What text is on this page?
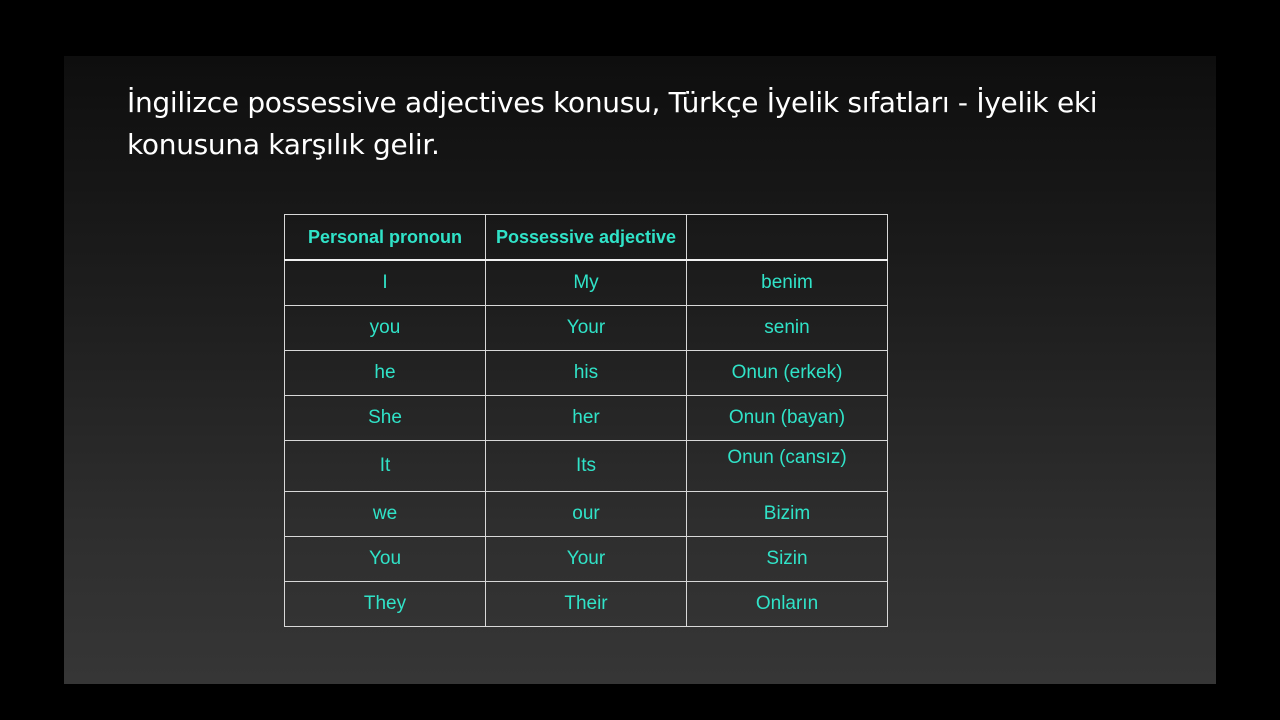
İngilizce possessive adjectives konusu, Türkçe İyelik sıfatları - İyelik eki
konusuna karşılık gelir.

Personal pronoun	Possessive adjective	
I	My	benim
you	Your	senin
he	his	Onun (erkek)
She	her	Onun (bayan)
It	Its	Onun (cansız)
we	our	Bizim
You	Your	Sizin
They	Their	Onların
